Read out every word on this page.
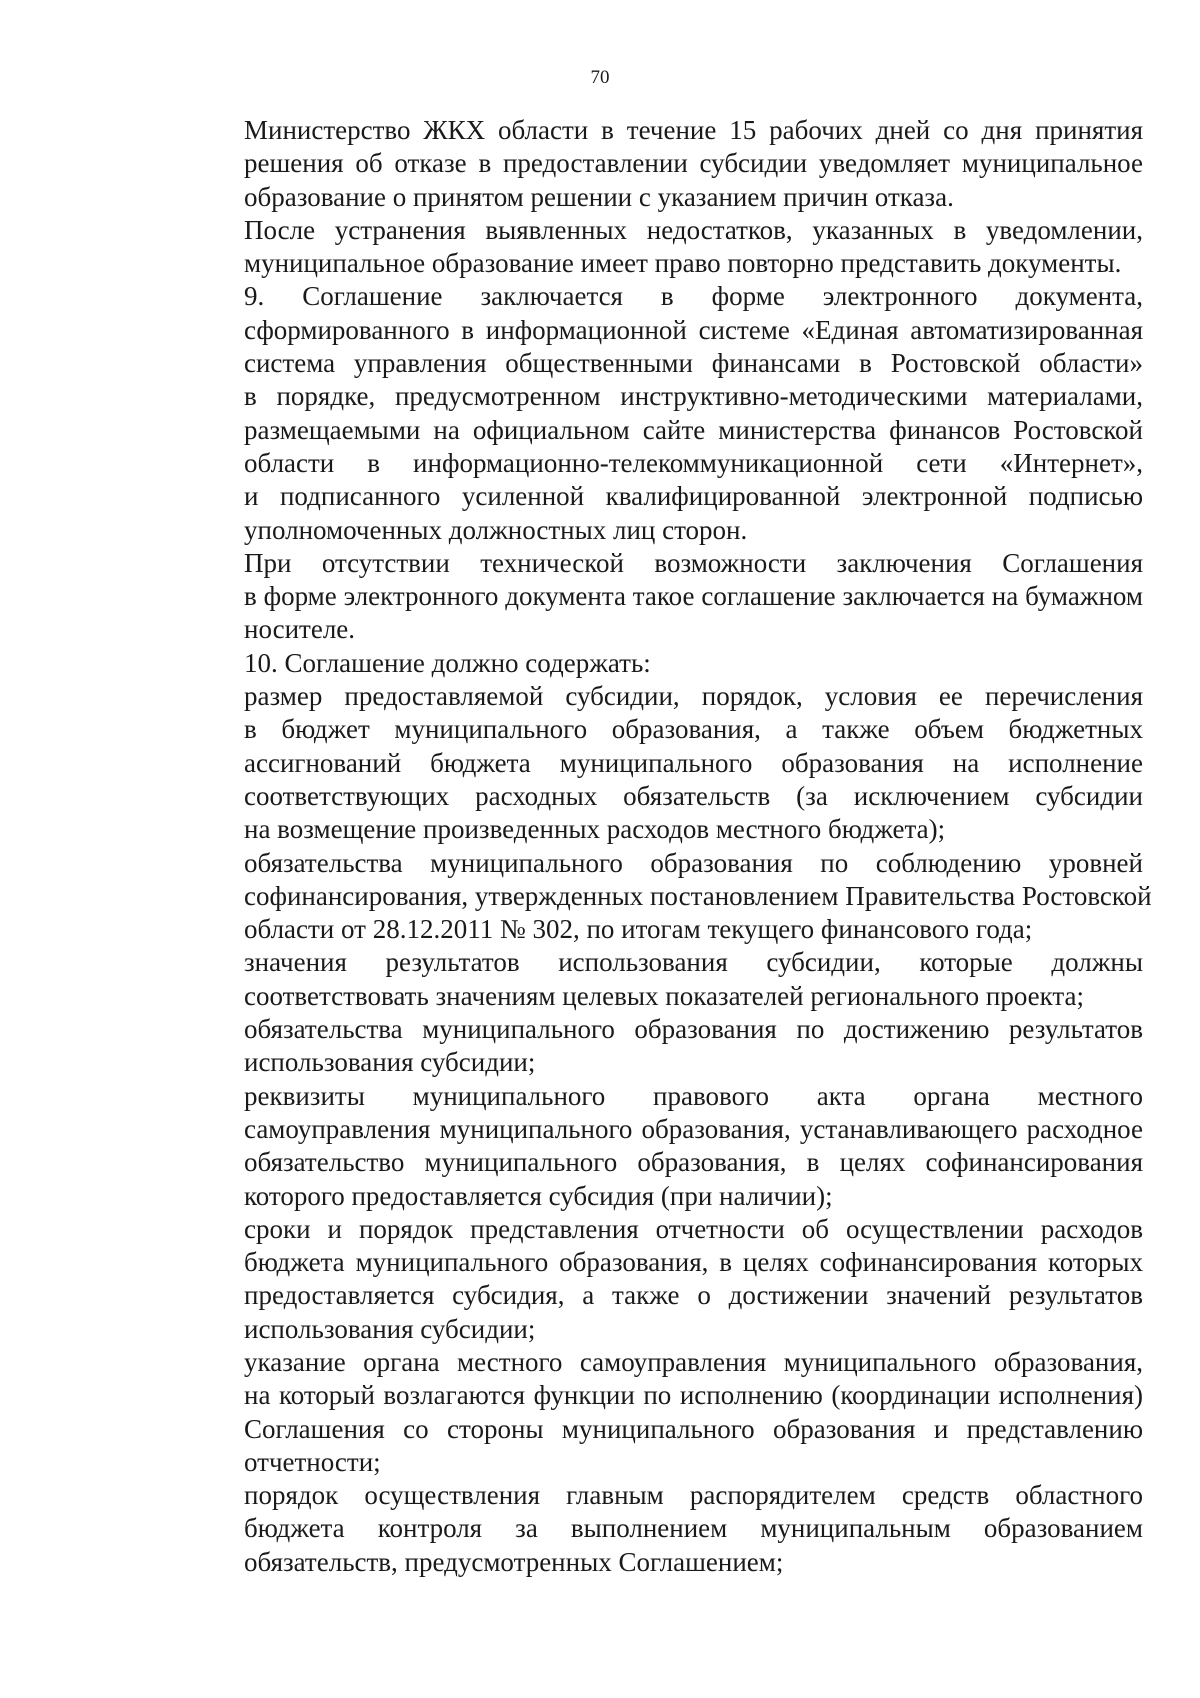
70

Министерство ЖКХ области в течение 15 рабочих дней со дня принятия
решения об отказе в предоставлении субсидии уведомляет муниципальное
образование о принятом решении с указанием причин отказа.

После устранения выявленных недостатков, указанных в уведомлении,
муниципальное образование имеет право повторно представить документы.

9. Соглашение заключается в форме электронного документа,
сформированного в информационной системе «Единая автоматизированная
система управления общественными финансами в Ростовской области»
в порядке, предусмотренном инструктивно-методическими материалами,
размещаемыми на официальном сайте министерства финансов Ростовской
области в информационно-телекоммуникационной сети «Интернет»,
и подписанного усиленной квалифицированной электронной подписью
уполномоченных должностных лиц сторон.

При отсутствии технической возможности заключения Соглашения
в форме электронного документа такое соглашение заключается на бумажном
носителе.

10. Соглашение должно содержать:

размер предоставляемой субсидии, порядок, условия ее перечисления
в бюджет муниципального образования, а также объем бюджетных
ассигнований бюджета муниципального образования на исполнение
соответствующих расходных обязательств (за исключением субсидии
на возмещение произведенных расходов местного бюджета);

обязательства муниципального образования по соблюдению уровней
софинансирования, утвержденных постановлением Правительства Ростовской
области от 28.12.2011 № 302, по итогам текущего финансового года;

значения результатов использования субсидии, которые должны
соответствовать значениям целевых показателей регионального проекта;

обязательства муниципального образования по достижению результатов
использования субсидии;

реквизиты муниципального правового акта органа местного
самоуправления муниципального образования, устанавливающего расходное
обязательство муниципального образования, в целях софинансирования
которого предоставляется субсидия (при наличии);

сроки и порядок представления отчетности об осуществлении расходов
бюджета муниципального образования, в целях софинансирования которых
предоставляется субсидия, а также о достижении значений результатов
использования субсидии;

указание органа местного самоуправления муниципального образования,
на который возлагаются функции по исполнению (координации исполнения)
Соглашения со стороны муниципального образования и представлению
отчетности;

порядок осуществления главным распорядителем средств областного
бюджета контроля за выполнением муниципальным образованием
обязательств, предусмотренных Соглашением;
